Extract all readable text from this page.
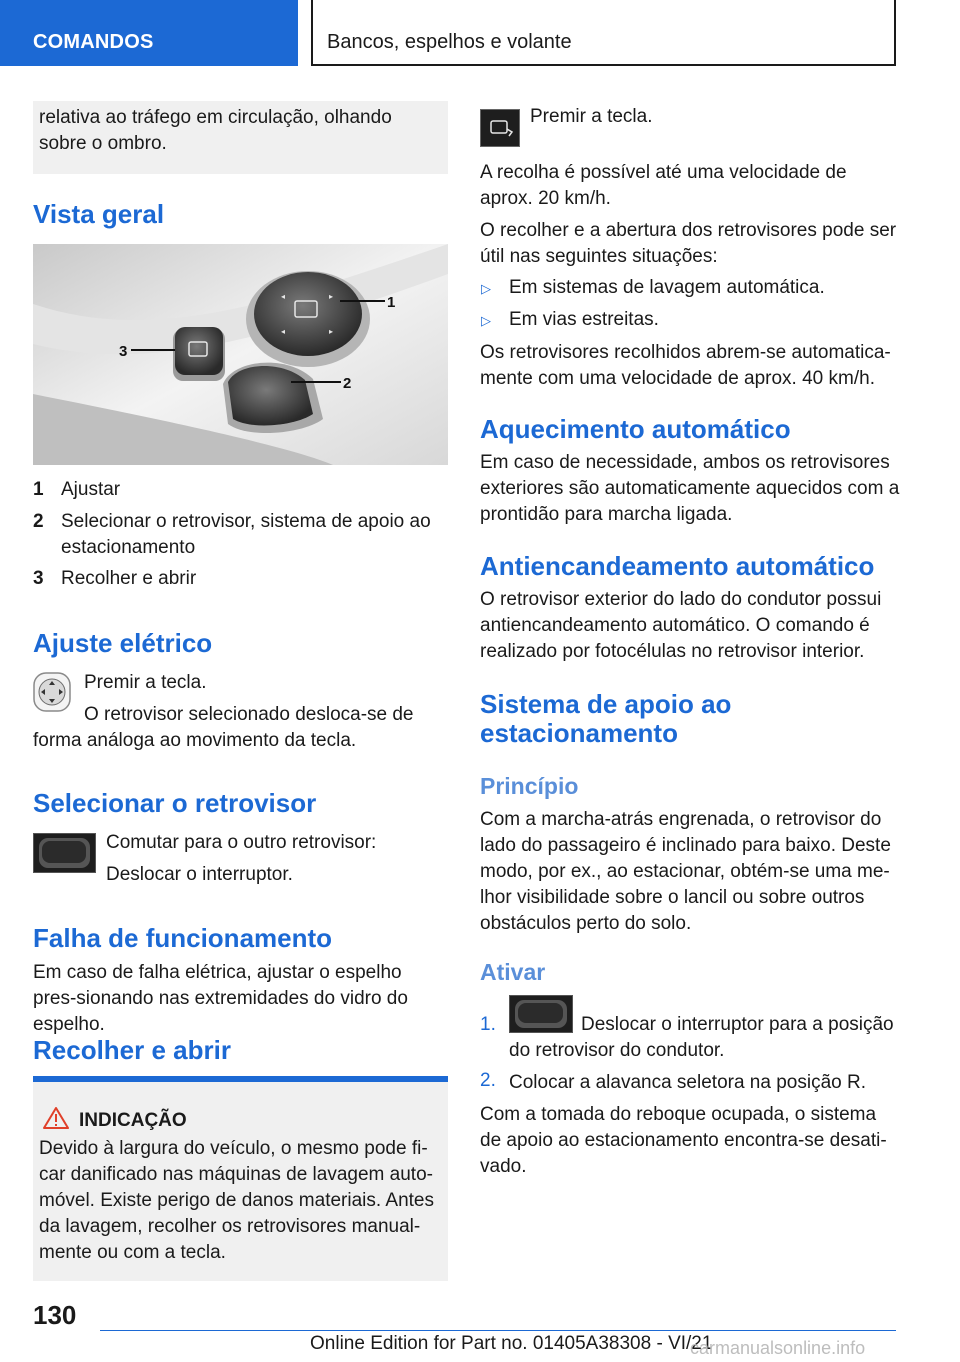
COMANDOS	Bancos, espelhos e volante

relativa ao tráfego em circulação, olhando sobre o ombro.

Vista geral
◂	▸
◂	▸
1
3
2
1 Ajustar
2 Selecionar o retrovisor, sistema de apoio ao estacionamento
3 Recolher e abrir
Ajuste elétrico
Premir a tecla.
O retrovisor selecionado desloca-se de forma análoga ao movimento da tecla.
Selecionar o retrovisor
Comutar para o outro retrovisor:
Deslocar o interruptor.
Falha de funcionamento
Em caso de falha elétrica, ajustar o espelho pres-sionando nas extremidades do vidro do espelho.
Recolher e abrir
INDICAÇÃO
Devido à largura do veículo, o mesmo pode fi-car danificado nas máquinas de lavagem auto-móvel. Existe perigo de danos materiais. Antes da lavagem, recolher os retrovisores manual-mente ou com a tecla.
Premir a tecla.
A recolha é possível até uma velocidade de aprox. 20 km/h.
O recolher e a abertura dos retrovisores pode ser útil nas seguintes situações:
▷ Em sistemas de lavagem automática.
▷ Em vias estreitas.
Os retrovisores recolhidos abrem-se automatica-mente com uma velocidade de aprox. 40 km/h.
Aquecimento automático
Em caso de necessidade, ambos os retrovisores exteriores são automaticamente aquecidos com a prontidão para marcha ligada.
Antiencandeamento automático
O retrovisor exterior do lado do condutor possui antiencandeamento automático. O comando é realizado por fotocélulas no retrovisor interior.
Sistema de apoio ao
estacionamento
Princípio
Com a marcha-atrás engrenada, o retrovisor do lado do passageiro é inclinado para baixo. Deste modo, por ex., ao estacionar, obtém-se uma me-lhor visibilidade sobre o lancil ou sobre outros obstáculos perto do solo.
Ativar
1.	Deslocar o interruptor para a posição do retrovisor do condutor.
2. Colocar a alavanca seletora na posição R.
Com a tomada do reboque ocupada, o sistema de apoio ao estacionamento encontra-se desati-vado.
130
Online Edition for Part no. 01405A38308 - VI/21
carmanualsonline.info
